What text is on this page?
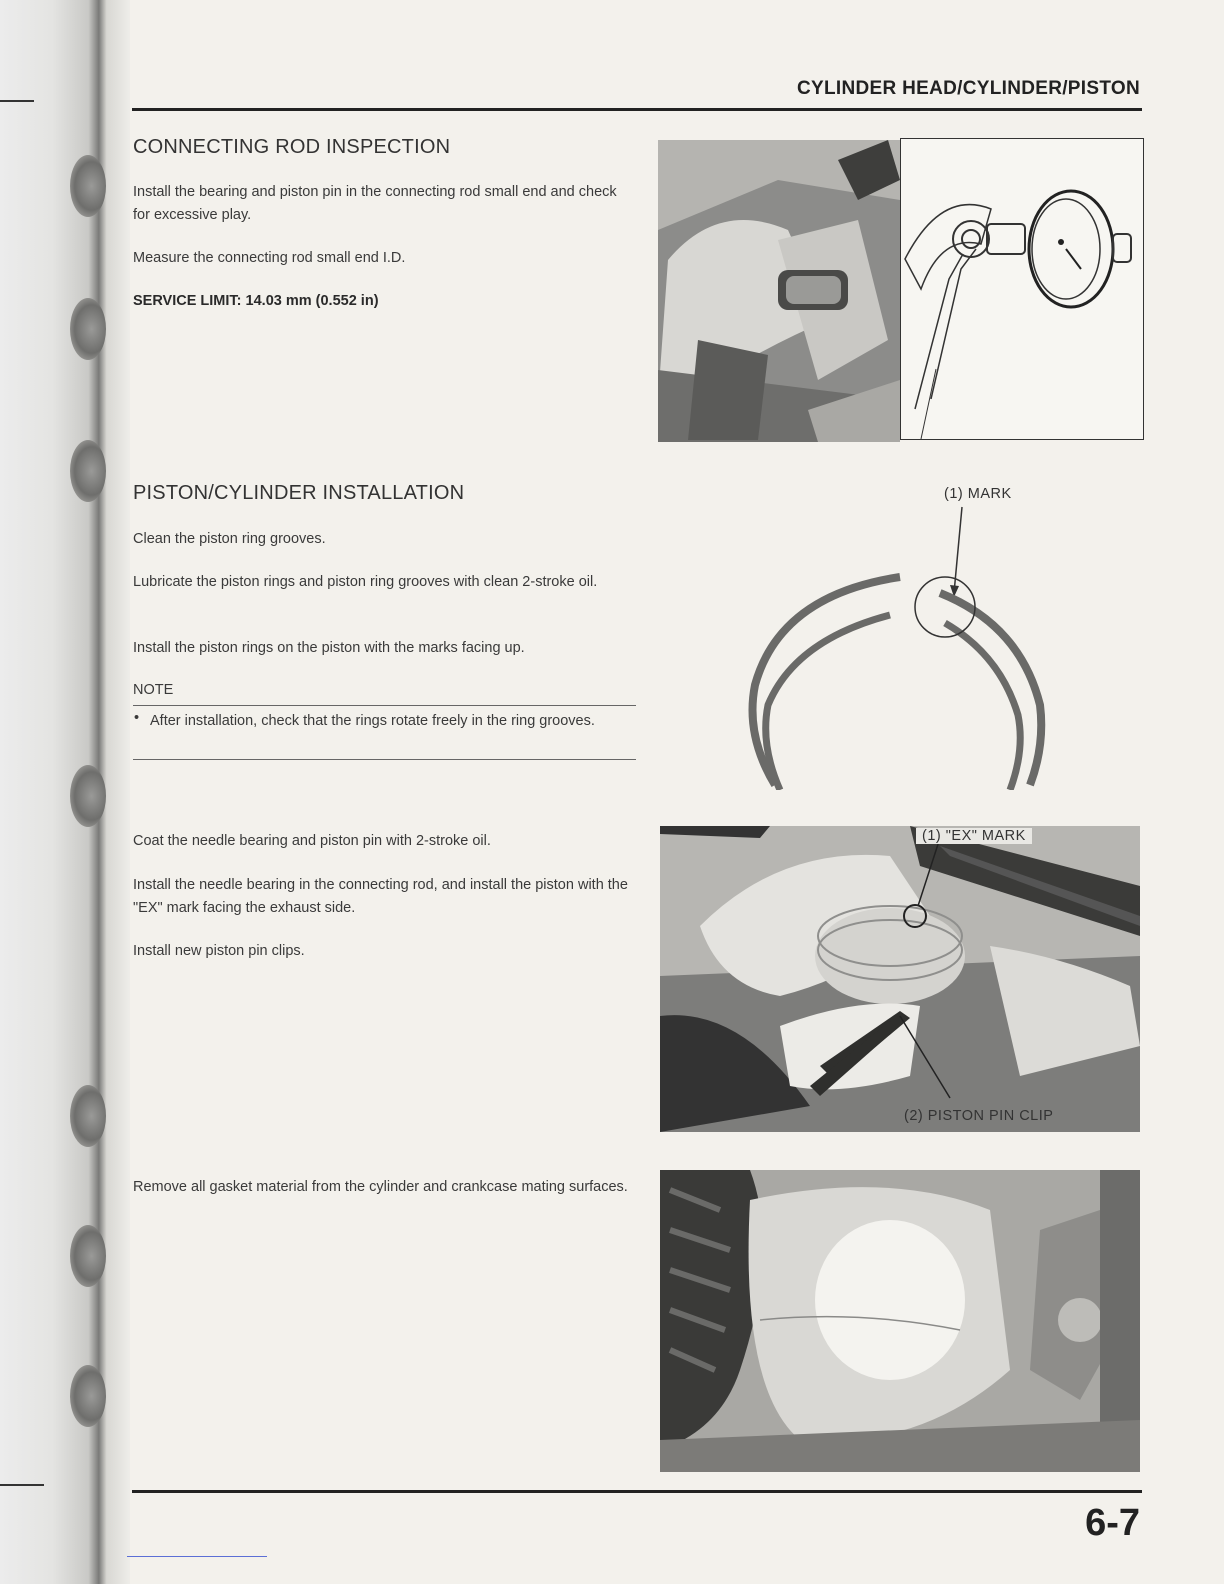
CYLINDER HEAD/CYLINDER/PISTON
CONNECTING ROD INSPECTION
Install the bearing and piston pin in the connecting rod small end and check for excessive play.
Measure the connecting rod small end I.D.
SERVICE LIMIT: 14.03 mm (0.552 in)
PISTON/CYLINDER INSTALLATION
Clean the piston ring grooves.
Lubricate the piston rings and piston ring grooves with clean 2-stroke oil.
Install the piston rings on the piston with the marks facing up.
NOTE
• After installation, check that the rings rotate freely in the ring grooves.
(1) MARK
Coat the needle bearing and piston pin with 2-stroke oil.
Install the needle bearing in the connecting rod, and install the piston with the "EX" mark facing the exhaust side.
Install new piston pin clips.
(1) "EX" MARK
(2) PISTON PIN CLIP
Remove all gasket material from the cylinder and crankcase mating surfaces.
6-7
